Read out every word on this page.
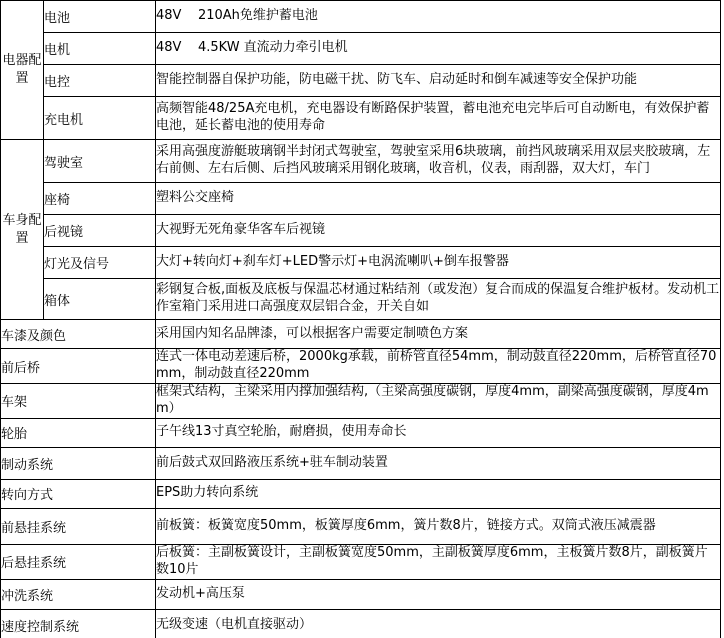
电器配置	电池	48V    210Ah免维护蓄电池
	电机	48V    4.5KW 直流动力牵引电机
	电控	智能控制器自保护功能，防电磁干扰、防飞车、启动延时和倒车减速等安全保护功能
	充电机	高频智能48/25A充电机，充电器设有断路保护装置，蓄电池充电完毕后可自动断电，有效保护蓄电池，延长蓄电池的使用寿命
车身配置	驾驶室	采用高强度游艇玻璃钢半封闭式驾驶室，驾驶室采用6块玻璃，前挡风玻璃采用双层夹胶玻璃，左右前侧、左右后侧、后挡风玻璃采用钢化玻璃，收音机，仪表，雨刮器，双大灯，车门
	座椅	塑料公交座椅
	后视镜	大视野无死角豪华客车后视镜
	灯光及信号	大灯+转向灯+刹车灯+LED警示灯+电涡流喇叭+倒车报警器
	箱体	彩钢复合板,面板及底板与保温芯材通过粘结剂（或发泡）复合而成的保温复合维护板材。发动机工作室箱门采用进口高强度双层铝合金，开关自如
车漆及颜色		采用国内知名品牌漆，可以根据客户需要定制喷色方案
前后桥		连式一体电动差速后桥，2000kg承载，前桥管直径54mm，制动鼓直径220mm，后桥管直径70mm，制动鼓直径220mm
车架		框架式结构，主梁采用内撑加强结构,（主梁高强度碳钢，厚度4mm，副梁高强度碳钢，厚度4mm）
轮胎		子午线13寸真空轮胎，耐磨损，使用寿命长
制动系统		前后鼓式双回路液压系统+驻车制动装置
转向方式		EPS助力转向系统
前悬挂系统		前板簧：板簧宽度50mm，板簧厚度6mm，簧片数8片，链接方式。双筒式液压减震器
后悬挂系统		后板簧：主副板簧设计，主副板簧宽度50mm，主副板簧厚度6mm，主板簧片数8片，副板簧片数10片
冲洗系统		发动机+高压泵
速度控制系统		无级变速（电机直接驱动）
